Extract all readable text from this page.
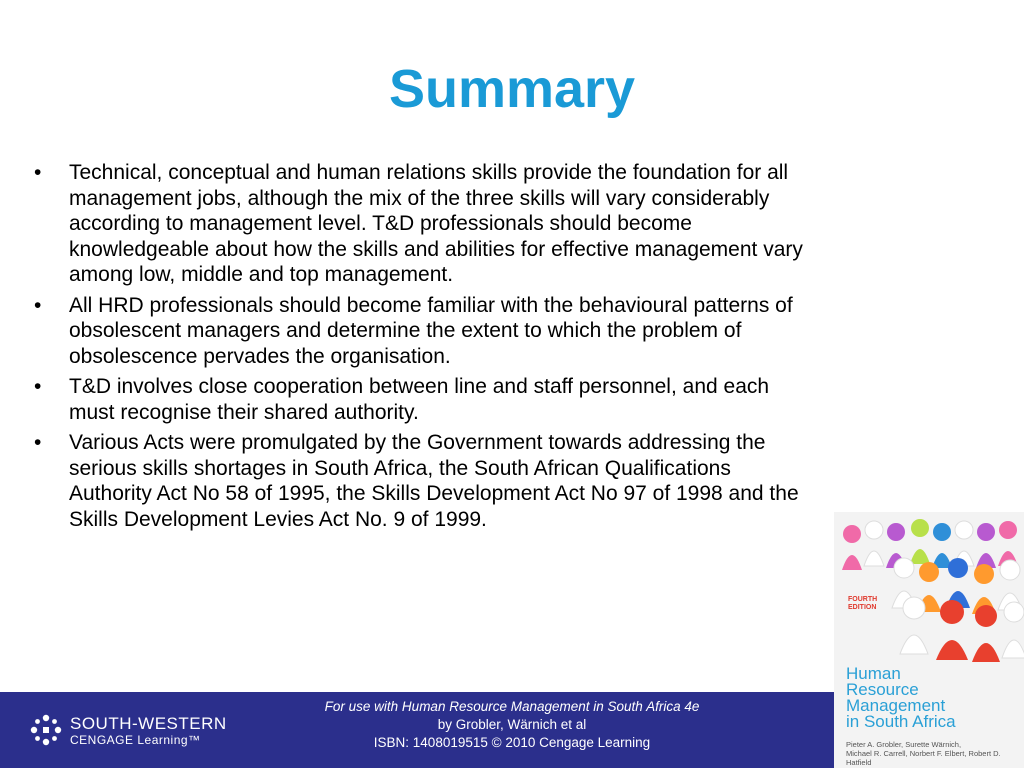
Summary
•	Technical, conceptual and human relations skills provide the foundation for all management jobs, although the mix of the three skills will vary considerably according to management level. T&D professionals should become knowledgeable about how the skills and abilities for effective management vary among low, middle and top management.
•	All HRD professionals should become familiar with the behavioural patterns of obsolescent managers and determine the extent to which the problem of obsolescence pervades the organisation.
•	T&D involves close cooperation between line and staff personnel, and each must recognise their shared authority.
•	Various Acts were promulgated by the Government towards addressing the serious skills shortages in South Africa, the South African Qualifications Authority Act No 58 of 1995, the Skills Development Act No 97 of 1998 and the Skills Development Levies Act No. 9 of 1999.
SOUTH-WESTERN
CENGAGE Learning™
For use with Human Resource Management in South Africa 4e
by Grobler, Wärnich et al
ISBN: 1408019515 © 2010 Cengage Learning
FOURTH
EDITION
Human
Resource
Management
in South Africa
Pieter A. Grobler, Surette Wärnich,
Michael R. Carrell, Norbert F. Elbert, Robert D. Hatfield
